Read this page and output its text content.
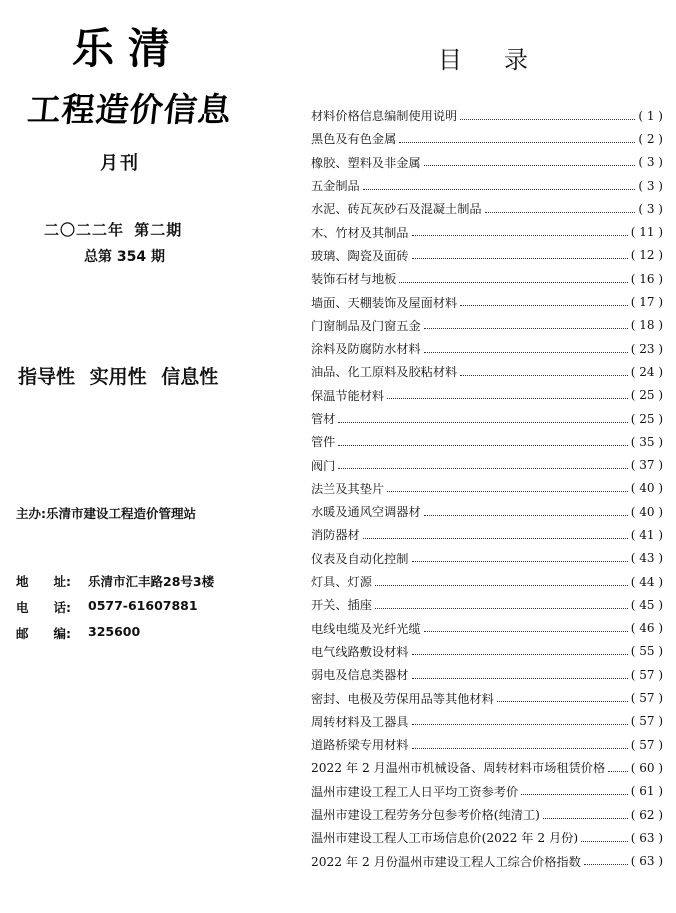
乐清
工程造价信息
月刊
二〇二二年 第二期
总第 354 期
指导性 实用性 信息性
主办:乐清市建设工程造价管理站
地　　址:	乐清市汇丰路28号3楼
电　　话:	0577-61607881
邮　　编:	325600
目录
材料价格信息编制使用说明	( 1 )
黑色及有色金属	( 2 )
橡胶、塑料及非金属	( 3 )
五金制品	( 3 )
水泥、砖瓦灰砂石及混凝土制品	( 3 )
木、竹材及其制品	( 11 )
玻璃、陶瓷及面砖	( 12 )
装饰石材与地板	( 16 )
墙面、天棚装饰及屋面材料	( 17 )
门窗制品及门窗五金	( 18 )
涂料及防腐防水材料	( 23 )
油品、化工原料及胶粘材料	( 24 )
保温节能材料	( 25 )
管材	( 25 )
管件	( 35 )
阀门	( 37 )
法兰及其垫片	( 40 )
水暖及通风空调器材	( 40 )
消防器材	( 41 )
仪表及自动化控制	( 43 )
灯具、灯源	( 44 )
开关、插座	( 45 )
电线电缆及光纤光缆	( 46 )
电气线路敷设材料	( 55 )
弱电及信息类器材	( 57 )
密封、电极及劳保用品等其他材料	( 57 )
周转材料及工器具	( 57 )
道路桥梁专用材料	( 57 )
2022 年 2 月温州市机械设备、周转材料市场租赁价格 ( 60 )
温州市建设工程工人日平均工资参考价	( 61 )
温州市建设工程劳务分包参考价格(纯清工)	( 62 )
温州市建设工程人工市场信息价(2022 年 2 月份)	( 63 )
2022 年 2 月份温州市建设工程人工综合价格指数	( 63 )
